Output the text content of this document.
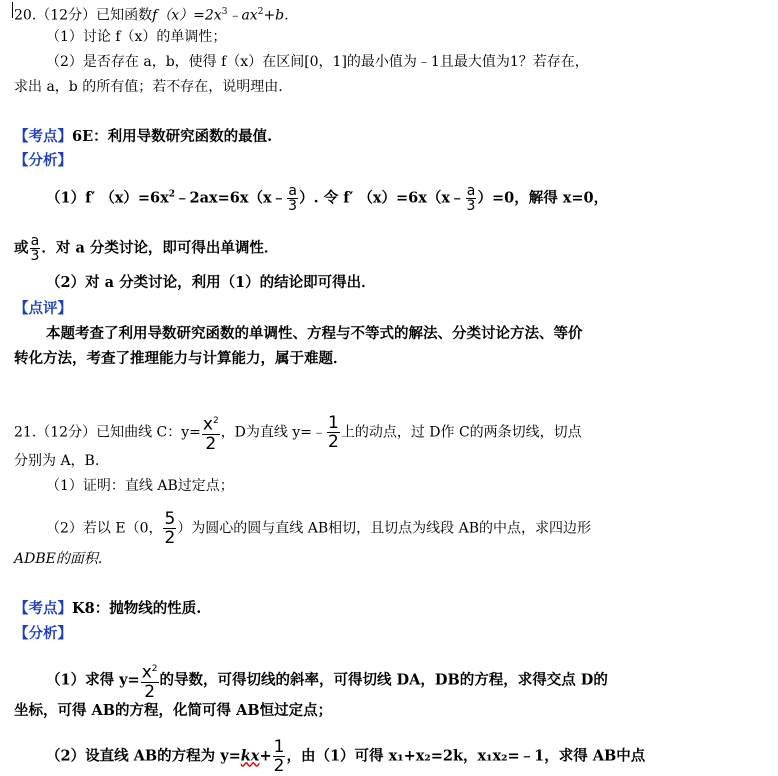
20.（12分）已知函数$f(x)=2x^3﹣ax^2+b$.
（1）讨论 f（x）的单调性；
（2）是否存在 a，b，使得 f（x）在区间[0，1]的最小值为﹣1且最大值为1？若存在，
求出 a，b 的所有值；若不存在，说明理由.
【考点】6E：利用导数研究函数的最值.
【分析】
（1）f′ $(x)=6x^2﹣2ax=6x(x﹣ \frac{a}{3}$ ）. 令 f′ （x）=6x（x﹣ $\frac{a}{3} )=0$，解得 x=0，
或 $\frac{a}{3}$ ．对 a 分类讨论，即可得出单调性．
（2）对 a 分类讨论，利用（1）的结论即可得出．
【点评】
本题考查了利用导数研究函数的单调性、方程与不等式的解法、分类讨论方法、等价
转化方法，考查了推理能力与计算能力，属于难题．
21.（12分）已知曲线 C：$y= \frac{x^2}{2}$ ，D为直线 y=﹣ $\frac{1}{2}$ 上的动点，过 D作 C的两条切线，切点
分别为 A，B.
（1）证明：直线 AB过定点；
（2）若以 E（0， $\frac{5}{2}$ ）为圆心的圆与直线 AB相切，且切点为线段 AB的中点，求四边形
ADBE的面积.
【考点】K8：抛物线的性质.
【分析】
（1）求得 $y= \frac{x^2}{2}$ 的导数，可得切线的斜率，可得切线 DA，DB的方程，求得交点 D的
坐标，可得 AB的方程，化简可得 AB恒过定点；
（2）设直线 AB的方程为 $y=kx+ \frac{1}{2}$ ，由（1）可得 x₁+x₂=2k，x₁x₂=﹣1，求得 AB中点
